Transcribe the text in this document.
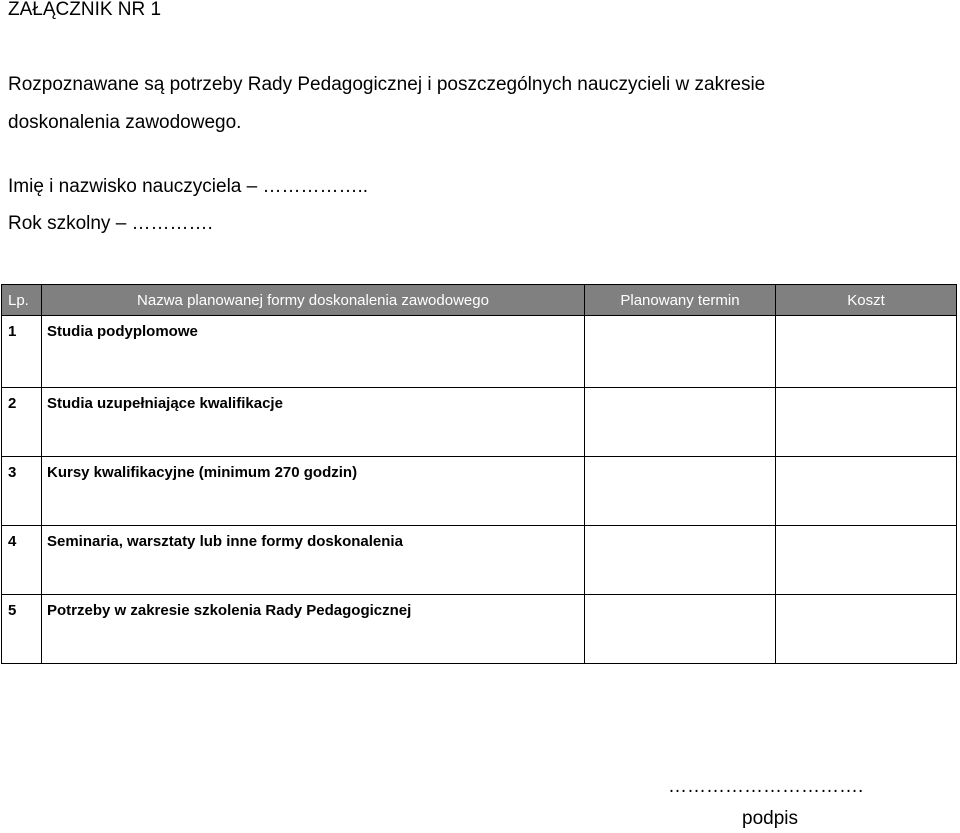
ZAŁĄCZNIK NR 1

Rozpoznawane są potrzeby Rady Pedagogicznej i poszczególnych nauczycieli w zakresie
doskonalenia zawodowego.

Imię i nazwisko nauczyciela – ……………..

Rok szkolny – ………….

Lp.	Nazwa planowanej formy doskonalenia zawodowego	Planowany termin	Koszt
1	Studia podyplomowe		
2	Studia uzupełniające kwalifikacje		
3	Kursy kwalifikacyjne (minimum 270 godzin)		
4	Seminaria, warsztaty lub inne formy doskonalenia		
5	Potrzeby w zakresie szkolenia Rady Pedagogicznej		

………………………….

podpis
